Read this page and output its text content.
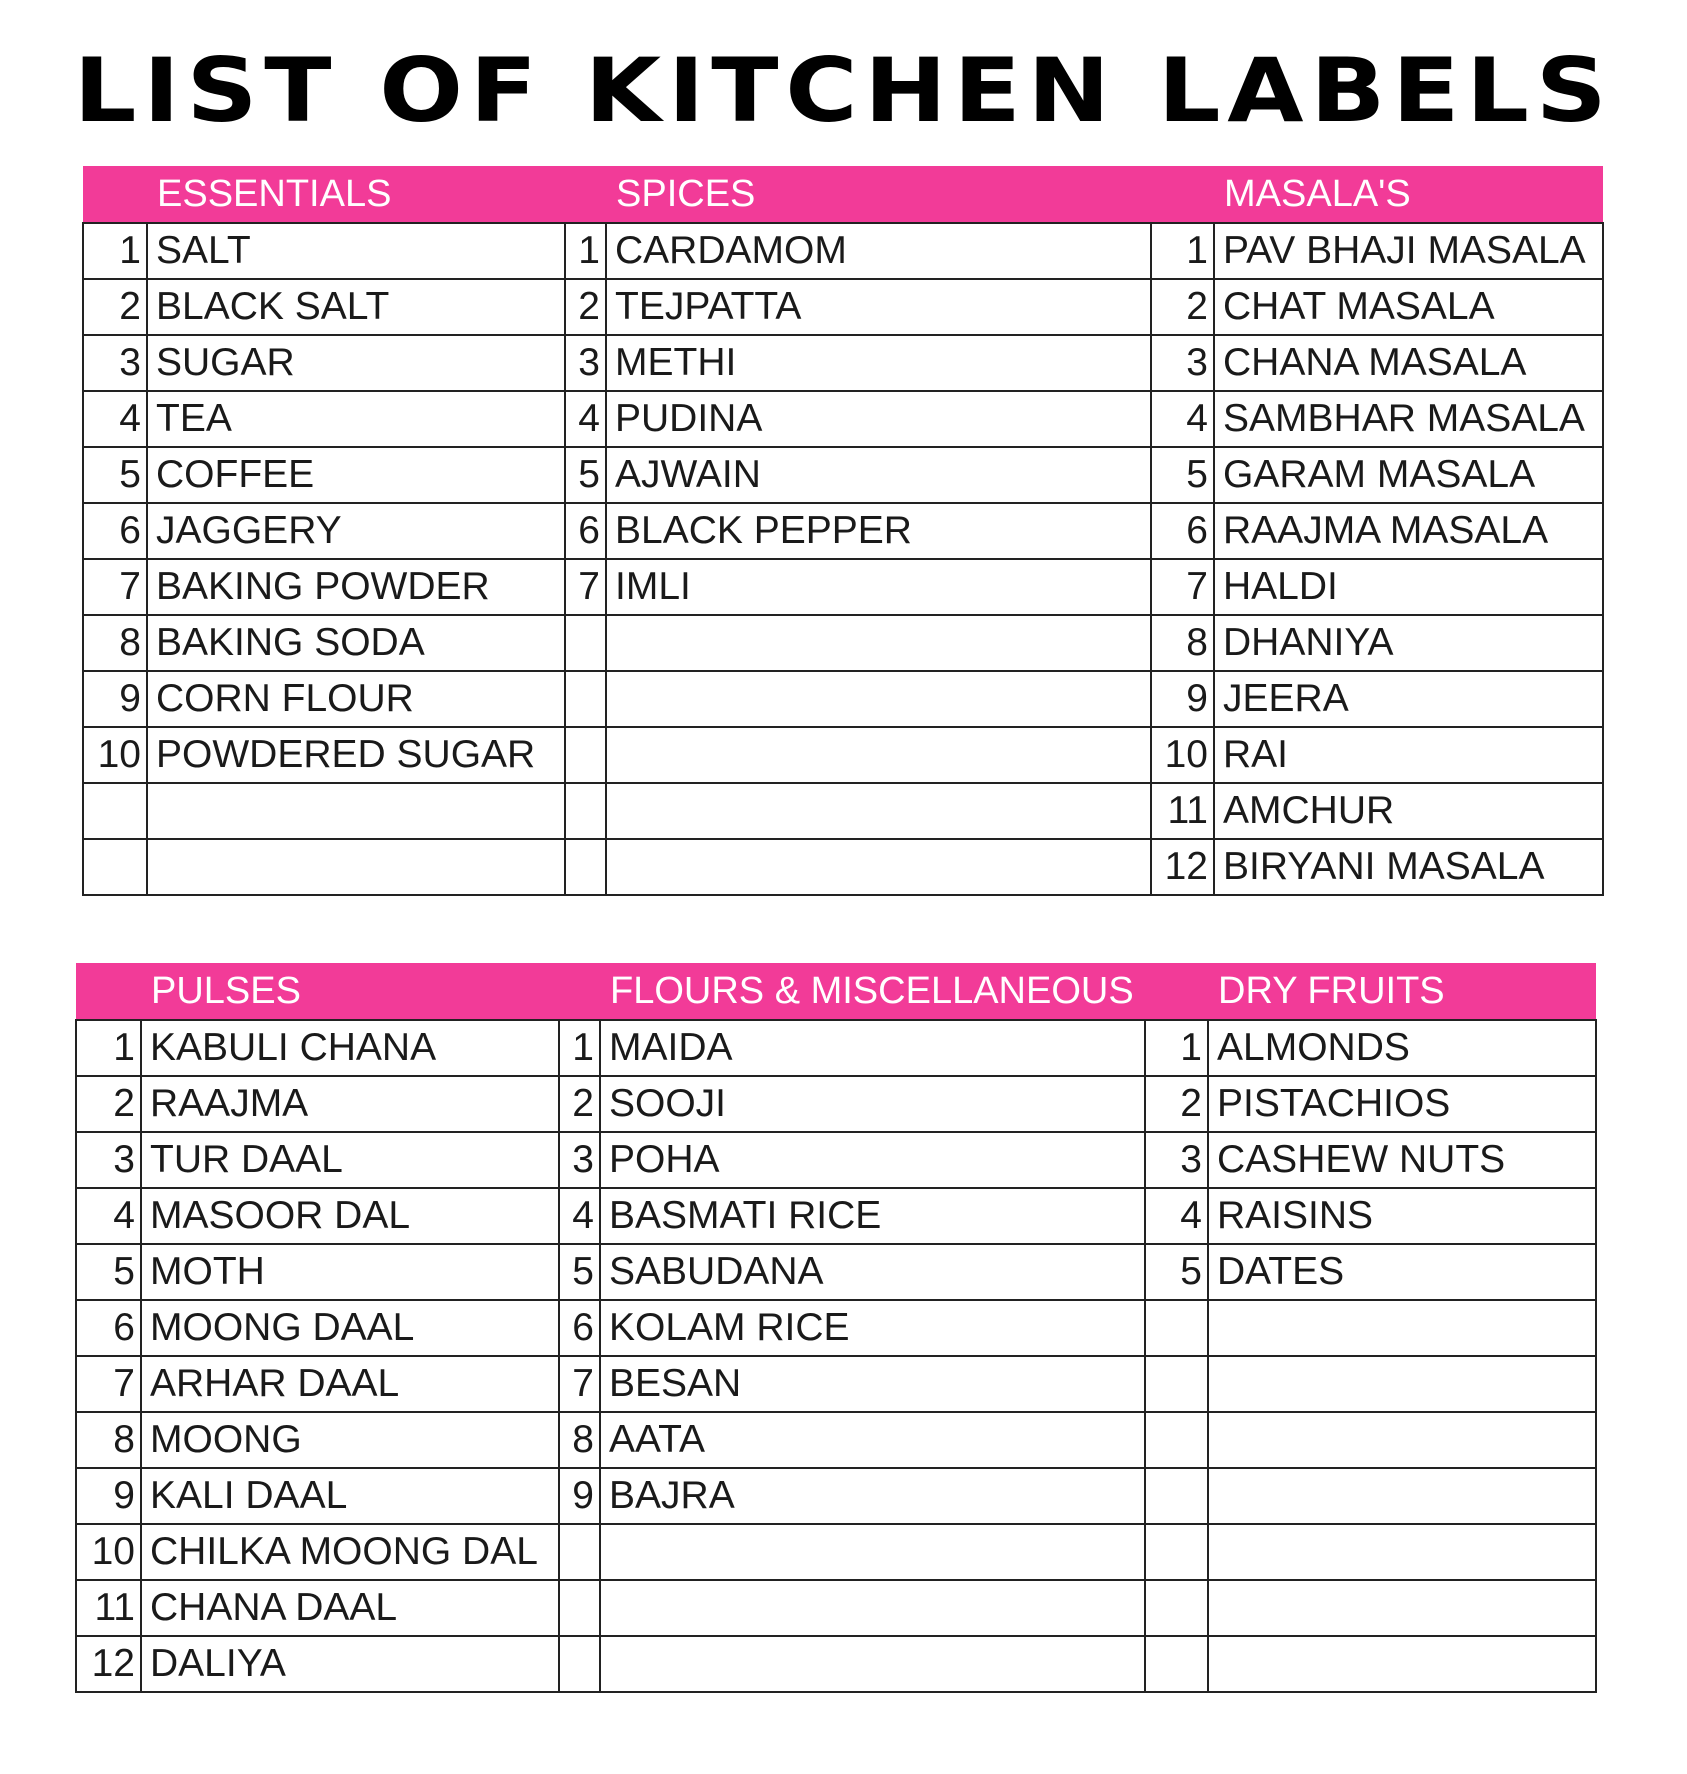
LIST OF KITCHEN LABELS
	ESSENTIALS		SPICES		MASALA'S
1	SALT	1	CARDAMOM	1	PAV BHAJI MASALA
2	BLACK SALT	2	TEJPATTA	2	CHAT MASALA
3	SUGAR	3	METHI	3	CHANA MASALA
4	TEA	4	PUDINA	4	SAMBHAR MASALA
5	COFFEE	5	AJWAIN	5	GARAM MASALA
6	JAGGERY	6	BLACK PEPPER	6	RAAJMA MASALA
7	BAKING POWDER	7	IMLI	7	HALDI
8	BAKING SODA			8	DHANIYA
9	CORN FLOUR			9	JEERA
10	POWDERED SUGAR			10	RAI
				11	AMCHUR
				12	BIRYANI MASALA
	PULSES		FLOURS & MISCELLANEOUS		DRY FRUITS
1	KABULI CHANA	1	MAIDA	1	ALMONDS
2	RAAJMA	2	SOOJI	2	PISTACHIOS
3	TUR DAAL	3	POHA	3	CASHEW NUTS
4	MASOOR DAL	4	BASMATI RICE	4	RAISINS
5	MOTH	5	SABUDANA	5	DATES
6	MOONG DAAL	6	KOLAM RICE		
7	ARHAR DAAL	7	BESAN		
8	MOONG	8	AATA		
9	KALI DAAL	9	BAJRA		
10	CHILKA MOONG DAL				
11	CHANA DAAL				
12	DALIYA				
